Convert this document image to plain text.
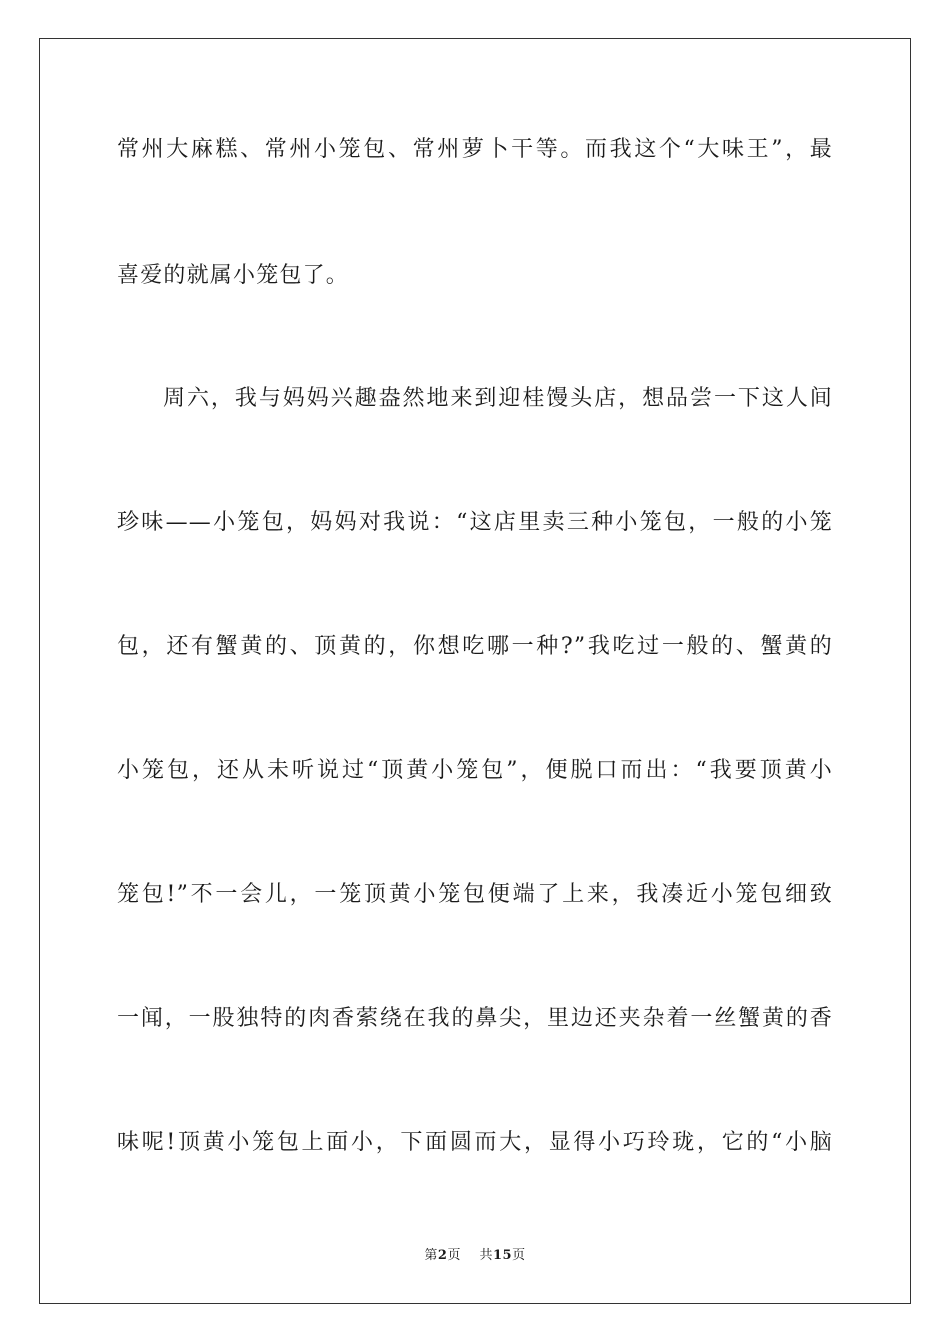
常州大麻糕、常州小笼包、常州萝卜干等。而我这个“大味王”，最
喜爱的就属小笼包了。
周六，我与妈妈兴趣盎然地来到迎桂馒头店，想品尝一下这人间
珍味——小笼包，妈妈对我说：“这店里卖三种小笼包，一般的小笼
包，还有蟹黄的、顶黄的，你想吃哪一种?”我吃过一般的、蟹黄的
小笼包，还从未听说过“顶黄小笼包”，便脱口而出：“我要顶黄小
笼包!”不一会儿，一笼顶黄小笼包便端了上来，我凑近小笼包细致
一闻，一股独特的肉香萦绕在我的鼻尖，里边还夹杂着一丝蟹黄的香
味呢!顶黄小笼包上面小，下面圆而大，显得小巧玲珑，它的“小脑
第2页 共15页
